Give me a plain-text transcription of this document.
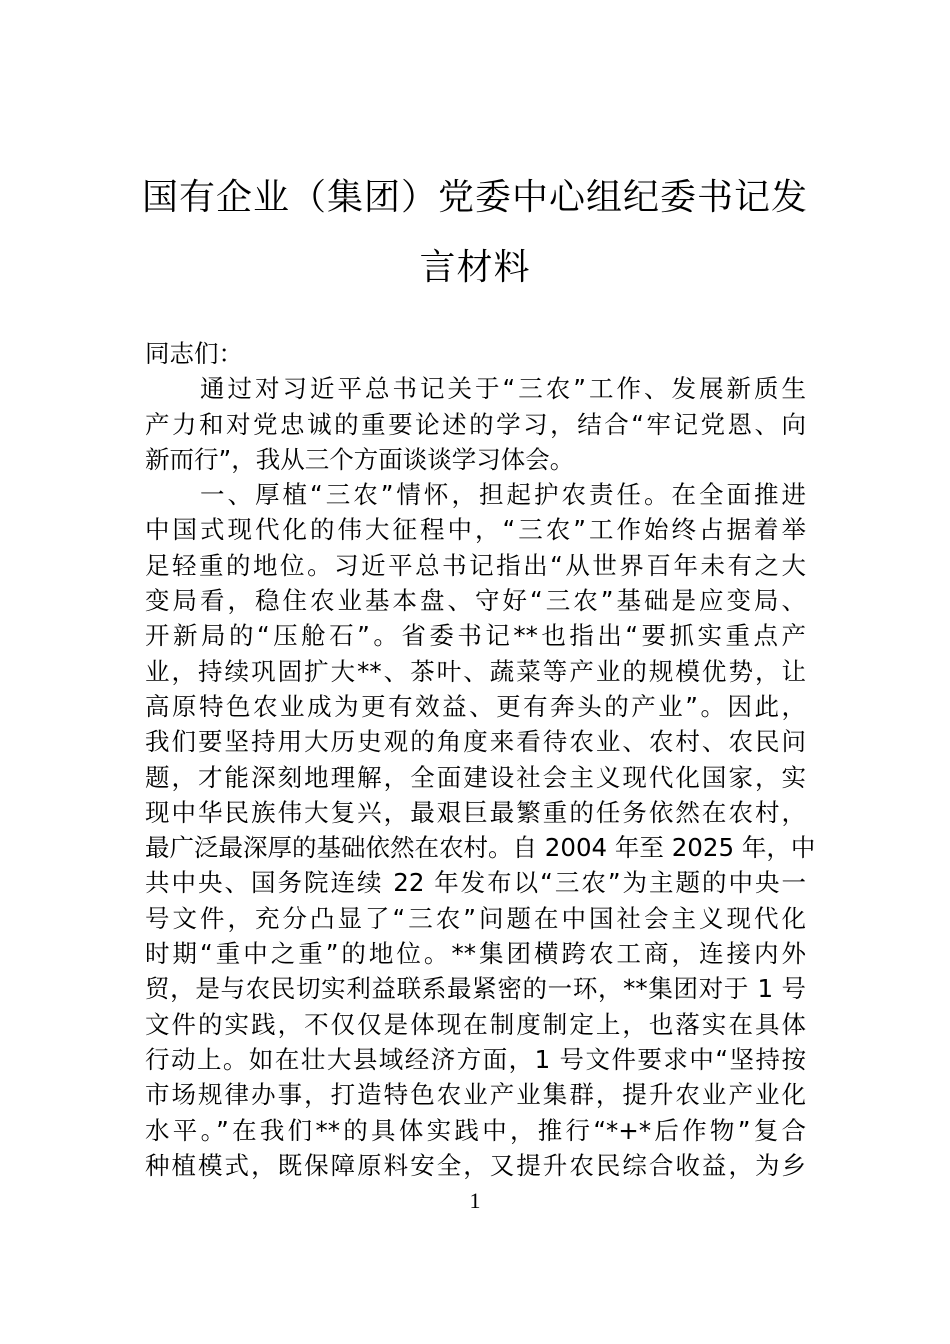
国有企业（集团）党委中心组纪委书记发
言材料
同志们：
　　通过对习近平总书记关于“三农”工作、发展新质生
产力和对党忠诚的重要论述的学习，结合“牢记党恩、向
新而行”，我从三个方面谈谈学习体会。
　　一、厚植“三农”情怀，担起护农责任。在全面推进
中国式现代化的伟大征程中，“三农”工作始终占据着举
足轻重的地位。习近平总书记指出“从世界百年未有之大
变局看，稳住农业基本盘、守好“三农”基础是应变局、
开新局的“压舱石”。省委书记**也指出“要抓实重点产
业，持续巩固扩大**、茶叶、蔬菜等产业的规模优势，让
高原特色农业成为更有效益、更有奔头的产业”。因此，
我们要坚持用大历史观的角度来看待农业、农村、农民问
题，才能深刻地理解，全面建设社会主义现代化国家，实
现中华民族伟大复兴，最艰巨最繁重的任务依然在农村，
最广泛最深厚的基础依然在农村。自 2004 年至 2025 年，中
共中央、国务院连续 22 年发布以“三农”为主题的中央一
号文件，充分凸显了“三农”问题在中国社会主义现代化
时期“重中之重”的地位。**集团横跨农工商，连接内外
贸，是与农民切实利益联系最紧密的一环，**集团对于 1 号
文件的实践，不仅仅是体现在制度制定上，也落实在具体
行动上。如在壮大县域经济方面，1 号文件要求中“坚持按
市场规律办事，打造特色农业产业集群，提升农业产业化
水平。”在我们**的具体实践中，推行“*+*后作物”复合
种植模式，既保障原料安全，又提升农民综合收益，为乡
1
